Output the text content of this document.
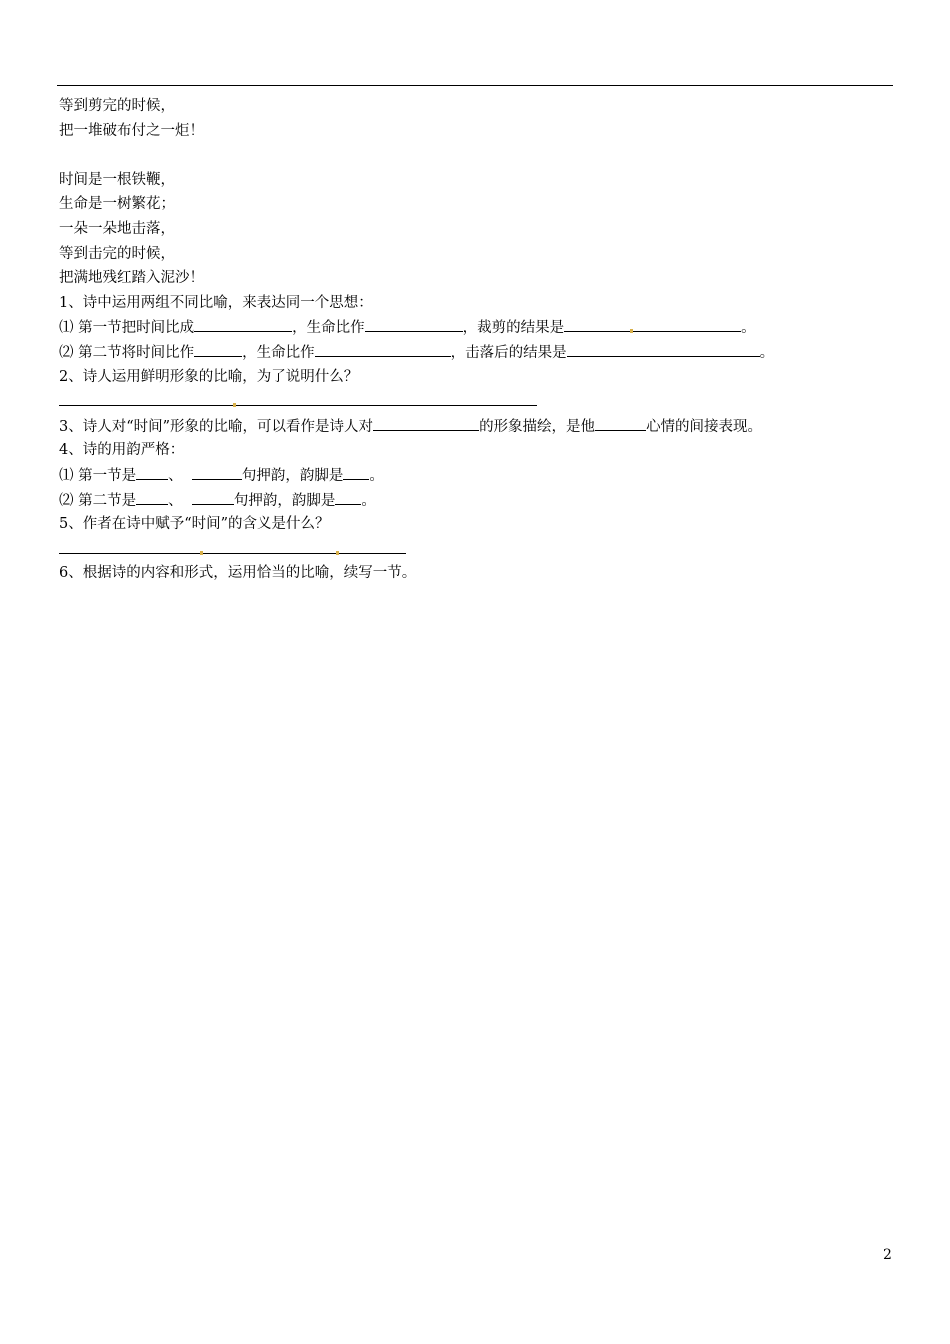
等到剪完的时候，
把一堆破布付之一炬！
时间是一根铁鞭，
生命是一树繁花；
一朵一朵地击落，
等到击完的时候，
把满地残红踏入泥沙！
1、诗中运用两组不同比喻，来表达同一个思想：
⑴ 第一节把时间比成	，生命比作	，裁剪的结果是	。
⑵ 第二节将时间比作	，生命比作	，击落后的结果是	。
2、诗人运用鲜明形象的比喻，为了说明什么？
3、诗人对“时间”形象的比喻，可以看作是诗人对	的形象描绘，是他	心情的间接表现。
4、诗的用韵严格：
⑴ 第一节是 、	句押韵，韵脚是 。
⑵ 第二节是 、	句押韵，韵脚是 。
5、作者在诗中赋予“时间”的含义是什么？
6、根据诗的内容和形式，运用恰当的比喻，续写一节。
2
